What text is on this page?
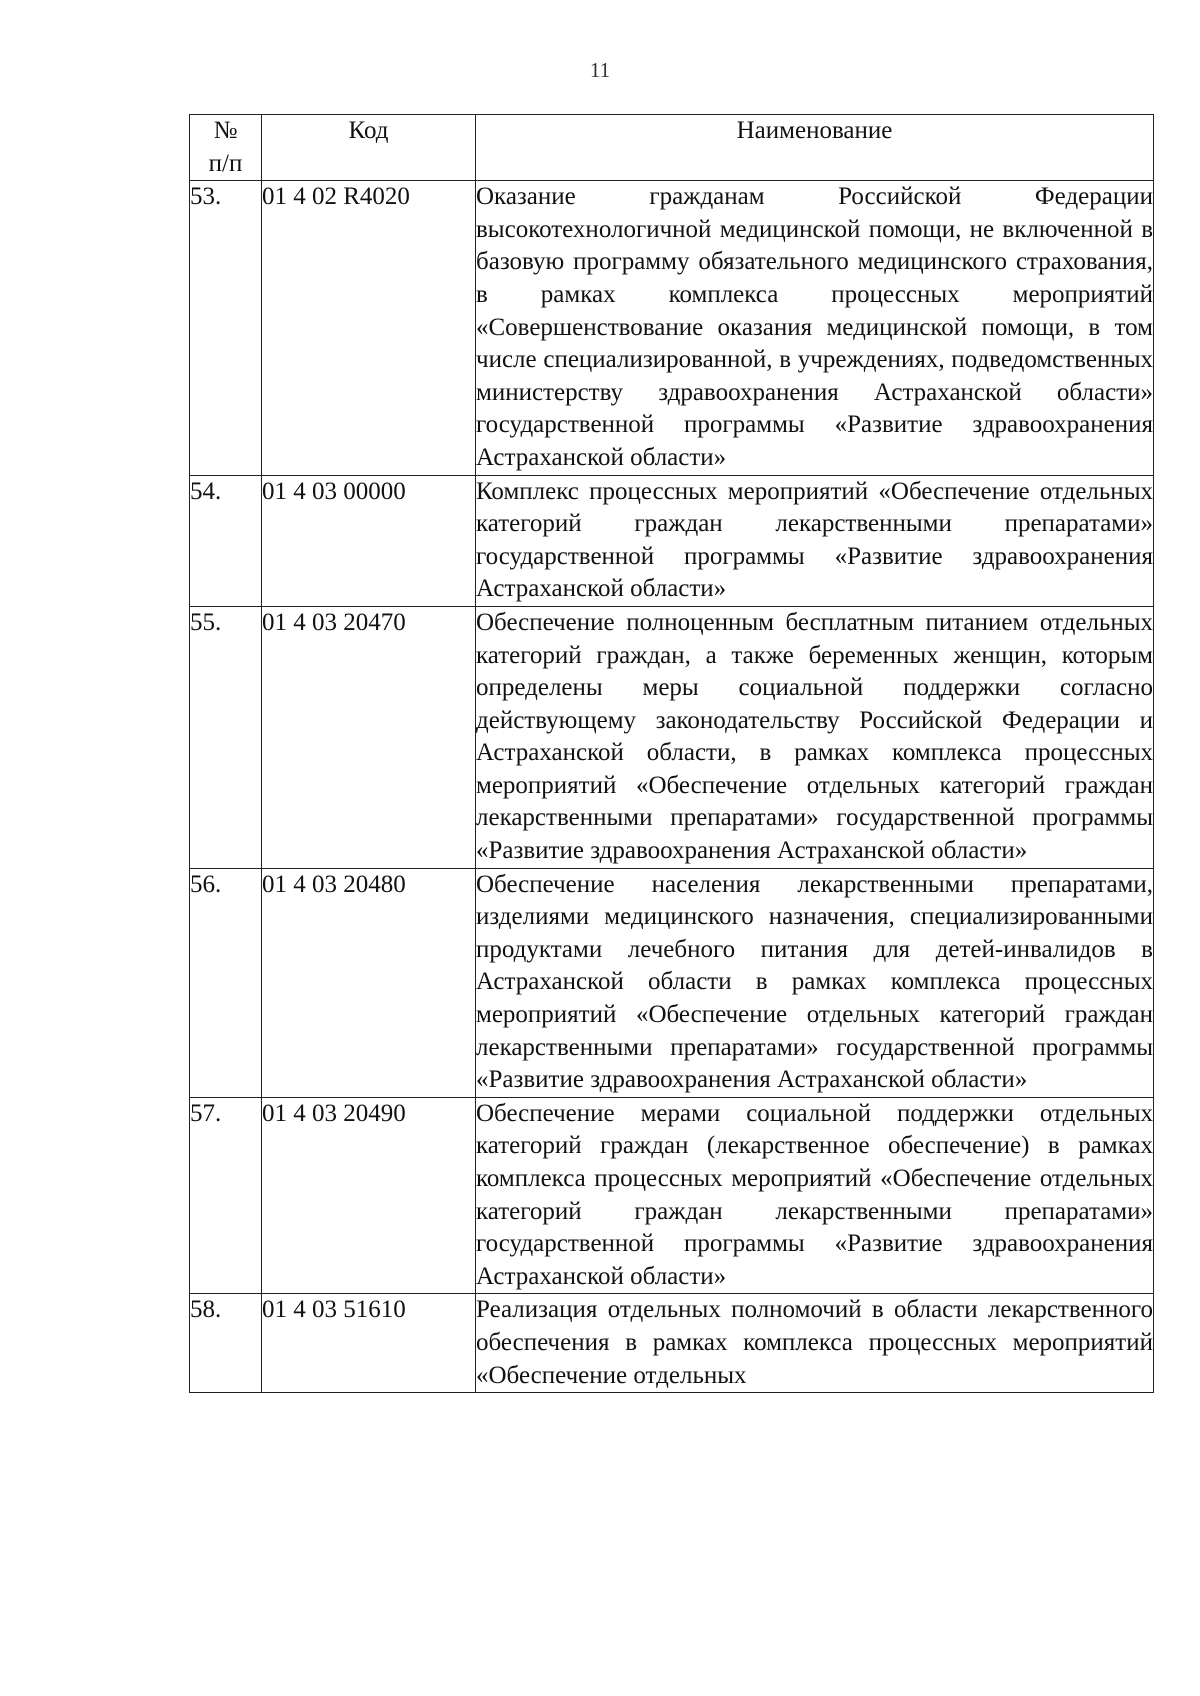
11
№
п/п	Код	Наименование
53.	01 4 02 R4020	Оказание гражданам Российской Федерации высокотехнологичной медицинской помощи, не включенной в базовую программу обязательного медицинского страхования, в рамках комплекса процессных мероприятий «Совершенствование оказания медицинской помощи, в том числе специализированной, в учреждениях, подведомственных министерству здравоохранения Астраханской области» государственной программы «Развитие здравоохранения Астраханской области»
54.	01 4 03 00000	Комплекс процессных мероприятий «Обеспечение отдельных категорий граждан лекарственными препаратами» государственной программы «Развитие здравоохранения Астраханской области»
55.	01 4 03 20470	Обеспечение полноценным бесплатным питанием отдельных категорий граждан, а также беременных женщин, которым определены меры социальной поддержки согласно действующему законодательству Российской Федерации и Астраханской области, в рамках комплекса процессных мероприятий «Обеспечение отдельных категорий граждан лекарственными препаратами» государственной программы «Развитие здравоохранения Астраханской области»
56.	01 4 03 20480	Обеспечение населения лекарственными препаратами, изделиями медицинского назначения, специализированными продуктами лечебного питания для детей-инвалидов в Астраханской области в рамках комплекса процессных мероприятий «Обеспечение отдельных категорий граждан лекарственными препаратами» государственной программы «Развитие здравоохранения Астраханской области»
57.	01 4 03 20490	Обеспечение мерами социальной поддержки отдельных категорий граждан (лекарственное обеспечение) в рамках комплекса процессных мероприятий «Обеспечение отдельных категорий граждан лекарственными препаратами» государственной программы «Развитие здравоохранения Астраханской области»
58.	01 4 03 51610	Реализация отдельных полномочий в области лекарственного обеспечения в рамках комплекса процессных мероприятий «Обеспечение отдельных
